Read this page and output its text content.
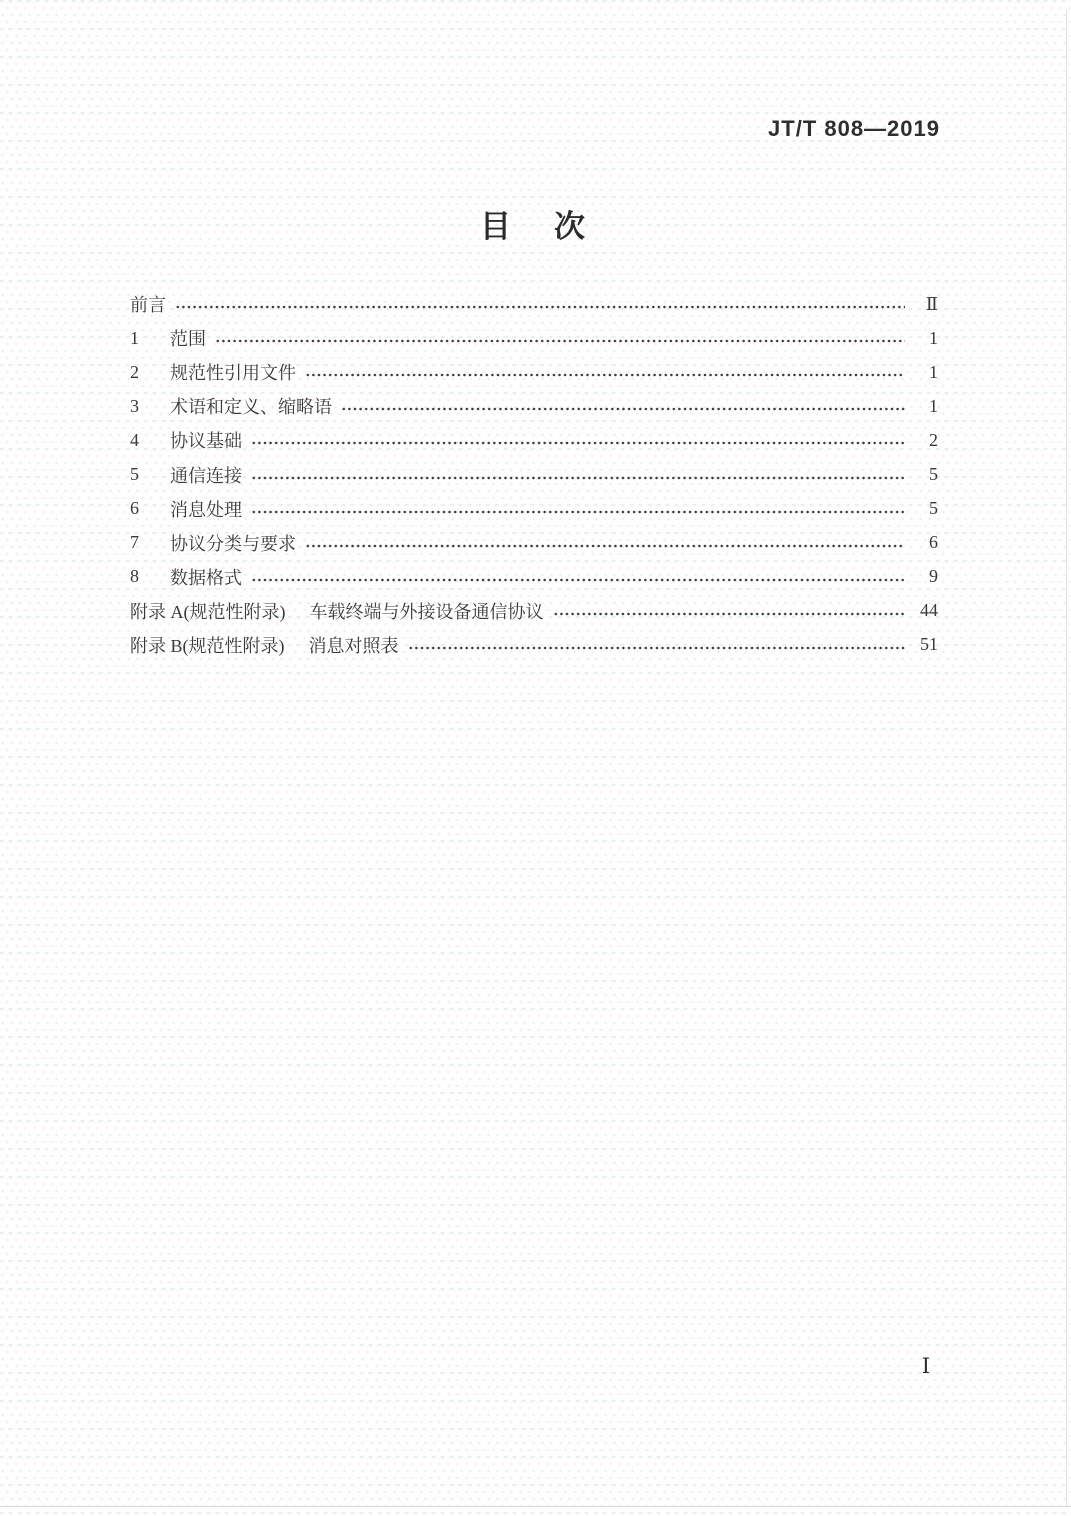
JT/T 808—2019
目　次
前言	Ⅱ
1	范围	1
2	规范性引用文件	1
3	术语和定义、缩略语	1
4	协议基础	2
5	通信连接	5
6	消息处理	5
7	协议分类与要求	6
8	数据格式	9
附录 A(规范性附录) 车载终端与外接设备通信协议	44
附录 B(规范性附录) 消息对照表	51
Ⅰ
